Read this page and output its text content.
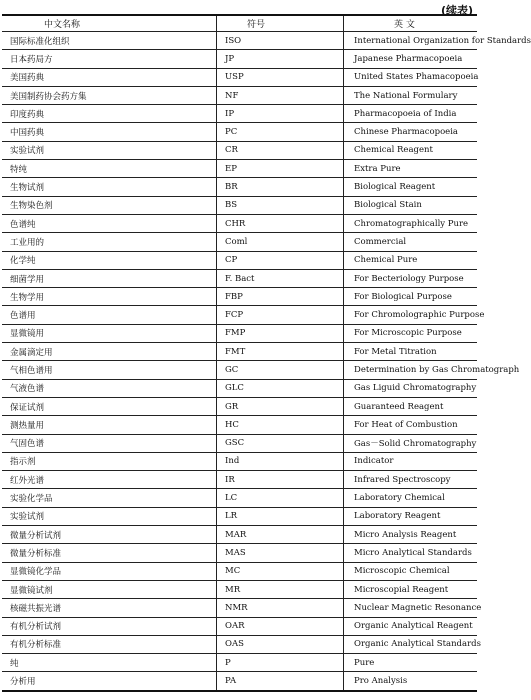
(续表)
中文名称	符号	英 文
国际标准化组织	ISO	International Organization for Standards
日本药局方	JP	Japanese Pharmacopoeia
美国药典	USP	United States Phamacopoeia
美国制药协会药方集	NF	The National Formulary
印度药典	IP	Pharmacopoeia of India
中国药典	PC	Chinese Pharmacopoeia
实验试剂	CR	Chemical Reagent
特纯	EP	Extra Pure
生物试剂	BR	Biological Reagent
生物染色剂	BS	Biological Stain
色谱纯	CHR	Chromatographically Pure
工业用的	Coml	Commercial
化学纯	CP	Chemical Pure
细菌学用	F. Bact	For Becteriology Purpose
生物学用	FBP	For Biological Purpose
色谱用	FCP	For Chromolographic Purpose
显微镜用	FMP	For Microscopic Purpose
金属滴定用	FMT	For Metal Titration
气相色谱用	GC	Determination by Gas Chromatograph
气液色谱	GLC	Gas Liguid Chromatography
保证试剂	GR	Guaranteed Reagent
测热量用	HC	For Heat of Combustion
气固色谱	GSC	Gas－Solid Chromatography
指示剂	Ind	Indicator
红外光谱	IR	Infrared Spectroscopy
实验化学品	LC	Laboratory Chemical
实验试剂	LR	Laboratory Reagent
微量分析试剂	MAR	Micro Analysis Reagent
微量分析标准	MAS	Micro Analytical Standards
显微镜化学品	MC	Microscopic Chemical
显微镜试剂	MR	Microscopial Reagent
核磁共振光谱	NMR	Nuclear Magnetic Resonance
有机分析试剂	OAR	Organic Analytical Reagent
有机分析标准	OAS	Organic Analytical Standards
纯	P	Pure
分析用	PA	Pro Analysis
